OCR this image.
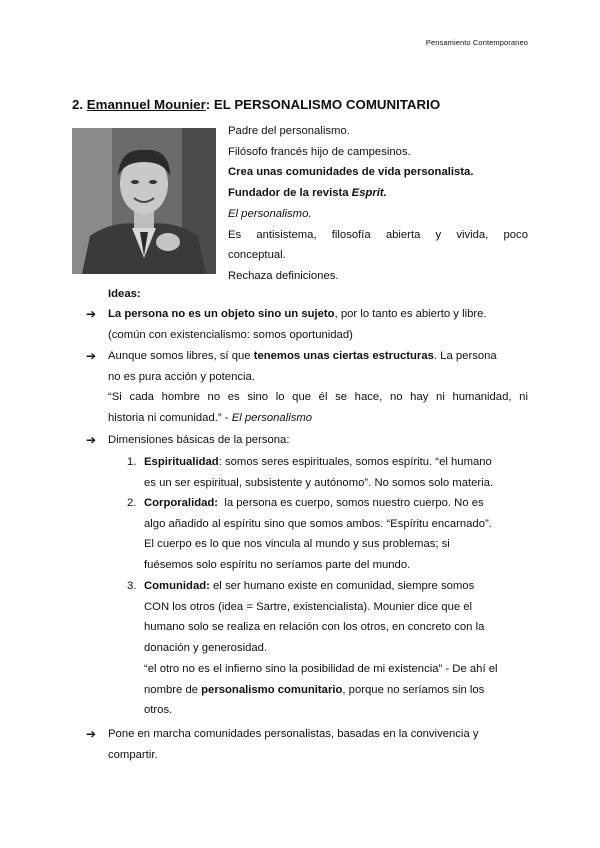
Pensamiento Contemporaneo
2. Emannuel Mounier: EL PERSONALISMO COMUNITARIO
Padre del personalismo.
Filósofo francés hijo de campesinos.
Crea unas comunidades de vida personalista.
Fundador de la revista Esprit.
El personalismo.
Es antisistema, filosofía abierta y vivida, poco
conceptual.
Rechaza definiciones.
Ideas:
➔ La persona no es un objeto sino un sujeto, por lo tanto es abierto y libre.
(común con existencialismo: somos oportunidad)
➔ Aunque somos libres, sí que tenemos unas ciertas estructuras. La persona
no es pura acción y potencia.
“Si cada hombre no es sino lo que él se hace, no hay ni humanidad, ni
historia ni comunidad.” - El personalismo
➔ Dimensiones básicas de la persona:
1. Espiritualidad: somos seres espirituales, somos espíritu. “el humano
es un ser espiritual, subsistente y autónomo”. No somos solo materia.
2. Corporalidad:  la persona es cuerpo, somos nuestro cuerpo. No es
algo añadido al espíritu sino que somos ambos. “Espíritu encarnado”.
El cuerpo es lo que nos vincula al mundo y sus problemas; si
fuésemos solo espíritu no seríamos parte del mundo.
3. Comunidad: el ser humano existe en comunidad, siempre somos
CON los otros (idea = Sartre, existencialista). Mounier dice que el
humano solo se realiza en relación con los otros, en concreto con la
donación y generosidad.
“el otro no es el infierno sino la posibilidad de mi existencia” - De ahí el
nombre de personalismo comunitario, porque no seríamos sin los
otros.
➔ Pone en marcha comunidades personalistas, basadas en la convivencia y
compartir.
